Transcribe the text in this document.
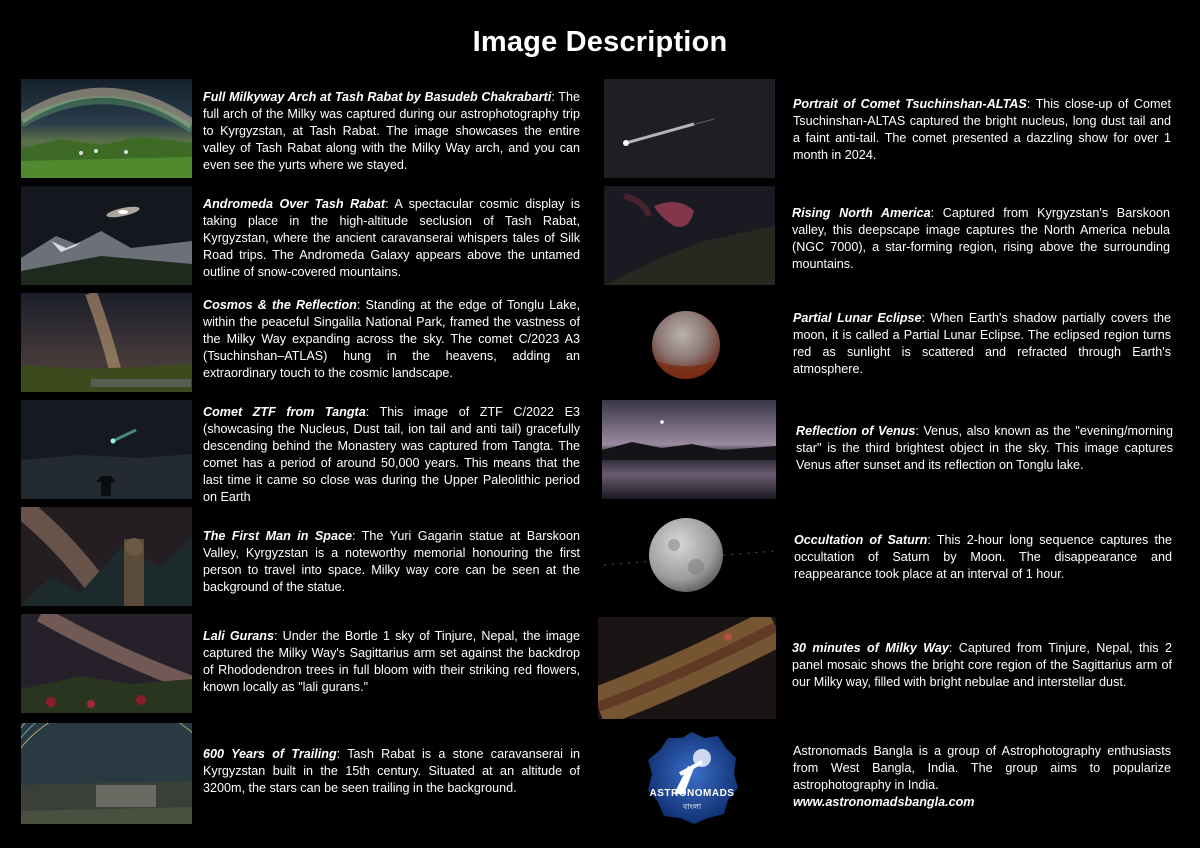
Image Description
Full Milkyway Arch at Tash Rabat by Basudeb Chakrabarti: The full arch of the Milky was captured during our astrophotography trip to Kyrgyzstan, at Tash Rabat. The image showcases the entire valley of Tash Rabat along with the Milky Way arch, and you can even see the yurts where we stayed.
Andromeda Over Tash Rabat: A spectacular cosmic display is taking place in the high-altitude seclusion of Tash Rabat, Kyrgyzstan, where the ancient caravanserai whispers tales of Silk Road trips. The Andromeda Galaxy appears above the untamed outline of snow-covered mountains.
Cosmos & the Reflection: Standing at the edge of Tonglu Lake, within the peaceful Singalila National Park, framed the vastness of the Milky Way expanding across the sky. The comet C/2023 A3 (Tsuchinshan–ATLAS) hung in the heavens, adding an extraordinary touch to the cosmic landscape.
Comet ZTF from Tangta: This image of ZTF C/2022 E3 (showcasing the Nucleus, Dust tail, ion tail and anti tail) gracefully descending behind the Monastery was captured from Tangta. The comet has a period of around 50,000 years. This means that the last time it came so close was during the Upper Paleolithic period on Earth
The First Man in Space: The Yuri Gagarin statue at Barskoon Valley, Kyrgyzstan is a noteworthy memorial honouring the first person to travel into space. Milky way core can be seen at the background of the statue.
Lali Gurans: Under the Bortle 1 sky of Tinjure, Nepal, the image captured the Milky Way's Sagittarius arm set against the backdrop of Rhododendron trees in full bloom with their striking red flowers, known locally as "lali gurans."
600 Years of Trailing: Tash Rabat is a stone caravanserai in Kyrgyzstan built in the 15th century. Situated at an altitude of 3200m, the stars can be seen trailing in the background.
Portrait of Comet Tsuchinshan-ALTAS: This close-up of Comet Tsuchinshan-ALTAS captured the bright nucleus, long dust tail and a faint anti-tail. The comet presented a dazzling show for over 1 month in 2024.
Rising North America: Captured from Kyrgyzstan's Barskoon valley, this deepscape image captures the North America nebula (NGC 7000), a star-forming region, rising above the surrounding mountains.
Partial Lunar Eclipse: When Earth's shadow partially covers the moon, it is called a Partial Lunar Eclipse. The eclipsed region turns red as sunlight is scattered and refracted through Earth's atmosphere.
Reflection of Venus: Venus, also known as the "evening/morning star" is the third brightest object in the sky. This image captures Venus after sunset and its reflection on Tonglu lake.
Occultation of Saturn: This 2-hour long sequence captures the occultation of Saturn by Moon. The disappearance and reappearance took place at an interval of 1 hour.
30 minutes of Milky Way: Captured from Tinjure, Nepal, this 2 panel mosaic shows the bright core region of the Sagittarius arm of our Milky way, filled with bright nebulae and interstellar dust.
ASTRONOMADS
বাংলা
Astronomads Bangla is a group of Astrophotography enthusiasts from West Bangla, India. The group aims to popularize astrophotography in India.
www.astronomadsbangla.com
